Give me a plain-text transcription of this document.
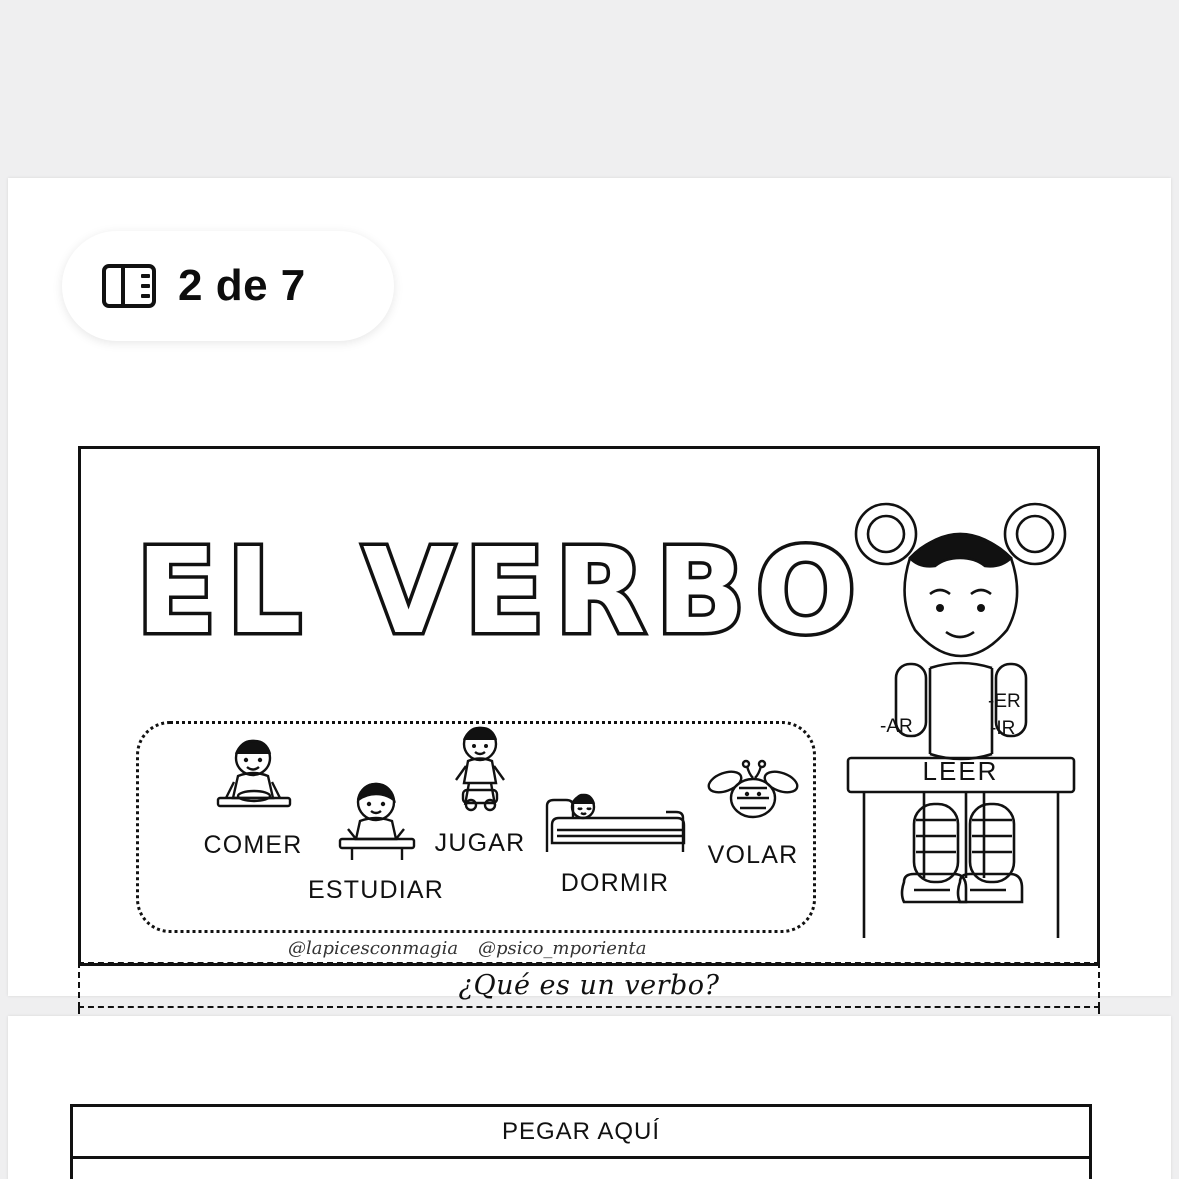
EL VERBO
COMER
ESTUDIAR
JUGAR
DORMIR
VOLAR
-AR
-ER
-IR
LEER
@lapicesconmagia @psico_mporienta
¿Qué es un verbo?
PEGAR AQUÍ
2 de 7
